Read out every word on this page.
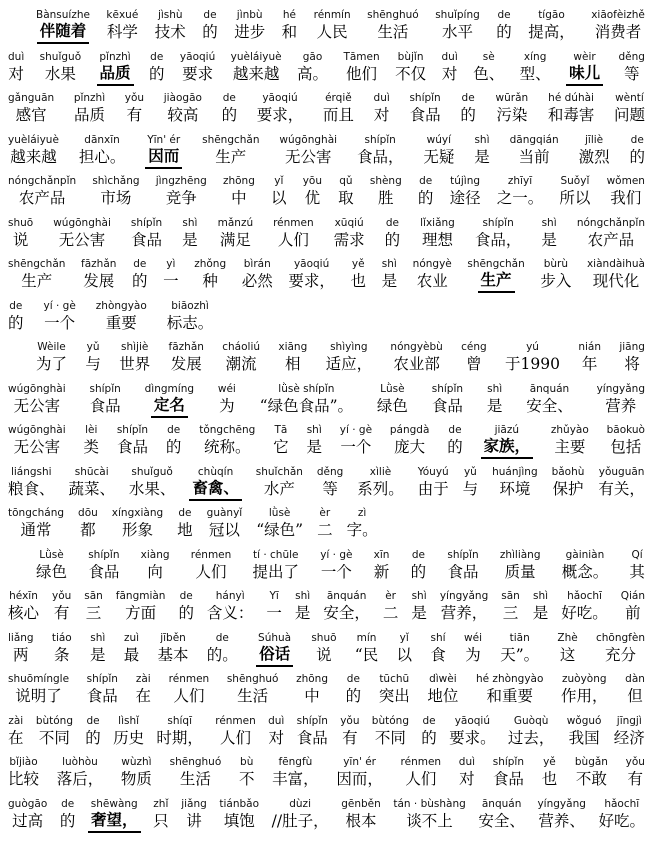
Bànsuízhe
伴随着
kēxué
科学
jìshù
技术
de
的
jìnbù
进步
hé
和
rénmín
人民
shēnghuó
生活
shuǐpíng
水平
de
的
tígāo
提高，
xiāofèizhě
消费者
duì
对
shuǐguǒ
水果
pǐnzhì
品质
de
的
yāoqiú
要求
yuèláiyuè
越来越
gāo
高。
Tāmen
他们
bùjǐn
不仅
duì
对
sè
色、
xíng
型、
wèir
味儿
děng
等
gǎnguān
感官
pǐnzhì
品质
yǒu
有
jiàogāo
较高
de
的
yāoqiú
要求，
érqiě
而且
duì
对
shípǐn
食品
de
的
wūrǎn
污染
hé dúhài
和毒害
wèntí
问题
yuèláiyuè
越来越
dānxīn
担心。
Yīn' ér
因而
shēngchǎn
生产
wúgōnghài
无公害
shípǐn
食品，
wúyí
无疑
shì
是
dāngqián
当前
jīliè
激烈
de
的
nóngchǎnpǐn
农产品
shìchǎng
市场
jìngzhēng
竞争
zhōng
中
yǐ
以
yōu
优
qǔ
取
shèng
胜
de
的
tújìng
途径
zhīyī
之一。
Suǒyǐ
所以
wǒmen
我们
shuō
说
wúgōnghài
无公害
shípǐn
食品
shì
是
mǎnzú
满足
rénmen
人们
xūqiú
需求
de
的
lǐxiǎng
理想
shípǐn
食品，
shì
是
nóngchǎnpǐn
农产品
shēngchǎn
生产
fāzhǎn
发展
de
的
yì
一
zhǒng
种
bìrán
必然
yāoqiú
要求，
yě
也
shì
是
nóngyè
农业
shēngchǎn
生产
bùrù
步入
xiàndàihuà
现代化
de
的
yí · gè
一个
zhòngyào
重要
biāozhì
标志。
Wèile
为了
yǔ
与
shìjiè
世界
fāzhǎn
发展
cháoliú
潮流
xiāng
相
shìyìng
适应，
nóngyèbù
农业部
céng
曾
yú
于1990
nián
年
jiāng
将
wúgōnghài
无公害
shípǐn
食品
dìngmíng
定名
wéi
为
lǜsè shípǐn
“绿色食品”。
Lǜsè
绿色
shípǐn
食品
shì
是
ānquán
安全、
yíngyǎng
营养
wúgōnghài
无公害
lèi
类
shípǐn
食品
de
的
tǒngchēng
统称。
Tā
它
shì
是
yí · gè
一个
pángdà
庞大
de
的
jiāzú
家族，
zhǔyào
主要
bāokuò
包括
liángshi
粮食、
shūcài
蔬菜、
shuǐguǒ
水果、
chùqín
畜禽、
shuǐchǎn
水产
děng
等
xìliè
系列。
Yóuyú
由于
yǔ
与
huánjìng
环境
bǎohù
保护
yǒuguān
有关，
tōngcháng
通常
dōu
都
xíngxiàng
形象
de
地
guànyǐ
冠以
lǜsè
“绿色”
èr
二
zì
字。
Lǜsè
绿色
shípǐn
食品
xiàng
向
rénmen
人们
tí · chūle
提出了
yí · gè
一个
xīn
新
de
的
shípǐn
食品
zhìliàng
质量
gàiniàn
概念。
Qí
其
héxīn
核心
yǒu
有
sān
三
fāngmiàn
方面
de
的
hányì
含义：
Yī
一
shì
是
ānquán
安全，
èr
二
shì
是
yíngyǎng
营养，
sān
三
shì
是
hǎochī
好吃。
Qián
前
liǎng
两
tiáo
条
shì
是
zuì
最
jīběn
基本
de
的。
Súhuà
俗话
shuō
说
mín
“民
yǐ
以
shí
食
wéi
为
tiān
天”。
Zhè
这
chōngfèn
充分
shuōmíngle
说明了
shípǐn
食品
zài
在
rénmen
人们
shēnghuó
生活
zhōng
中
de
的
tūchū
突出
dìwèi
地位
hé zhòngyào
和重要
zuòyòng
作用，
dàn
但
zài
在
bùtóng
不同
de
的
lìshǐ
历史
shíqī
时期，
rénmen
人们
duì
对
shípǐn
食品
yǒu
有
bùtóng
不同
de
的
yāoqiú
要求。
Guòqù
过去，
wǒguó
我国
jīngjì
经济
bǐjiào
比较
luòhòu
落后，
wùzhì
物质
shēnghuó
生活
bù
不
fēngfù
丰富，
yīn' ér
因而，
rénmen
人们
duì
对
shípǐn
食品
yě
也
bùgǎn
不敢
yǒu
有
guògāo
过高
de
的
shēwàng
奢望，
zhǐ
只
jiǎng
讲
tiánbǎo
填饱
dùzi
//肚子，
gēnběn
根本
tán · bùshàng
谈不上
ānquán
安全、
yíngyǎng
营养、
hǎochī
好吃。
